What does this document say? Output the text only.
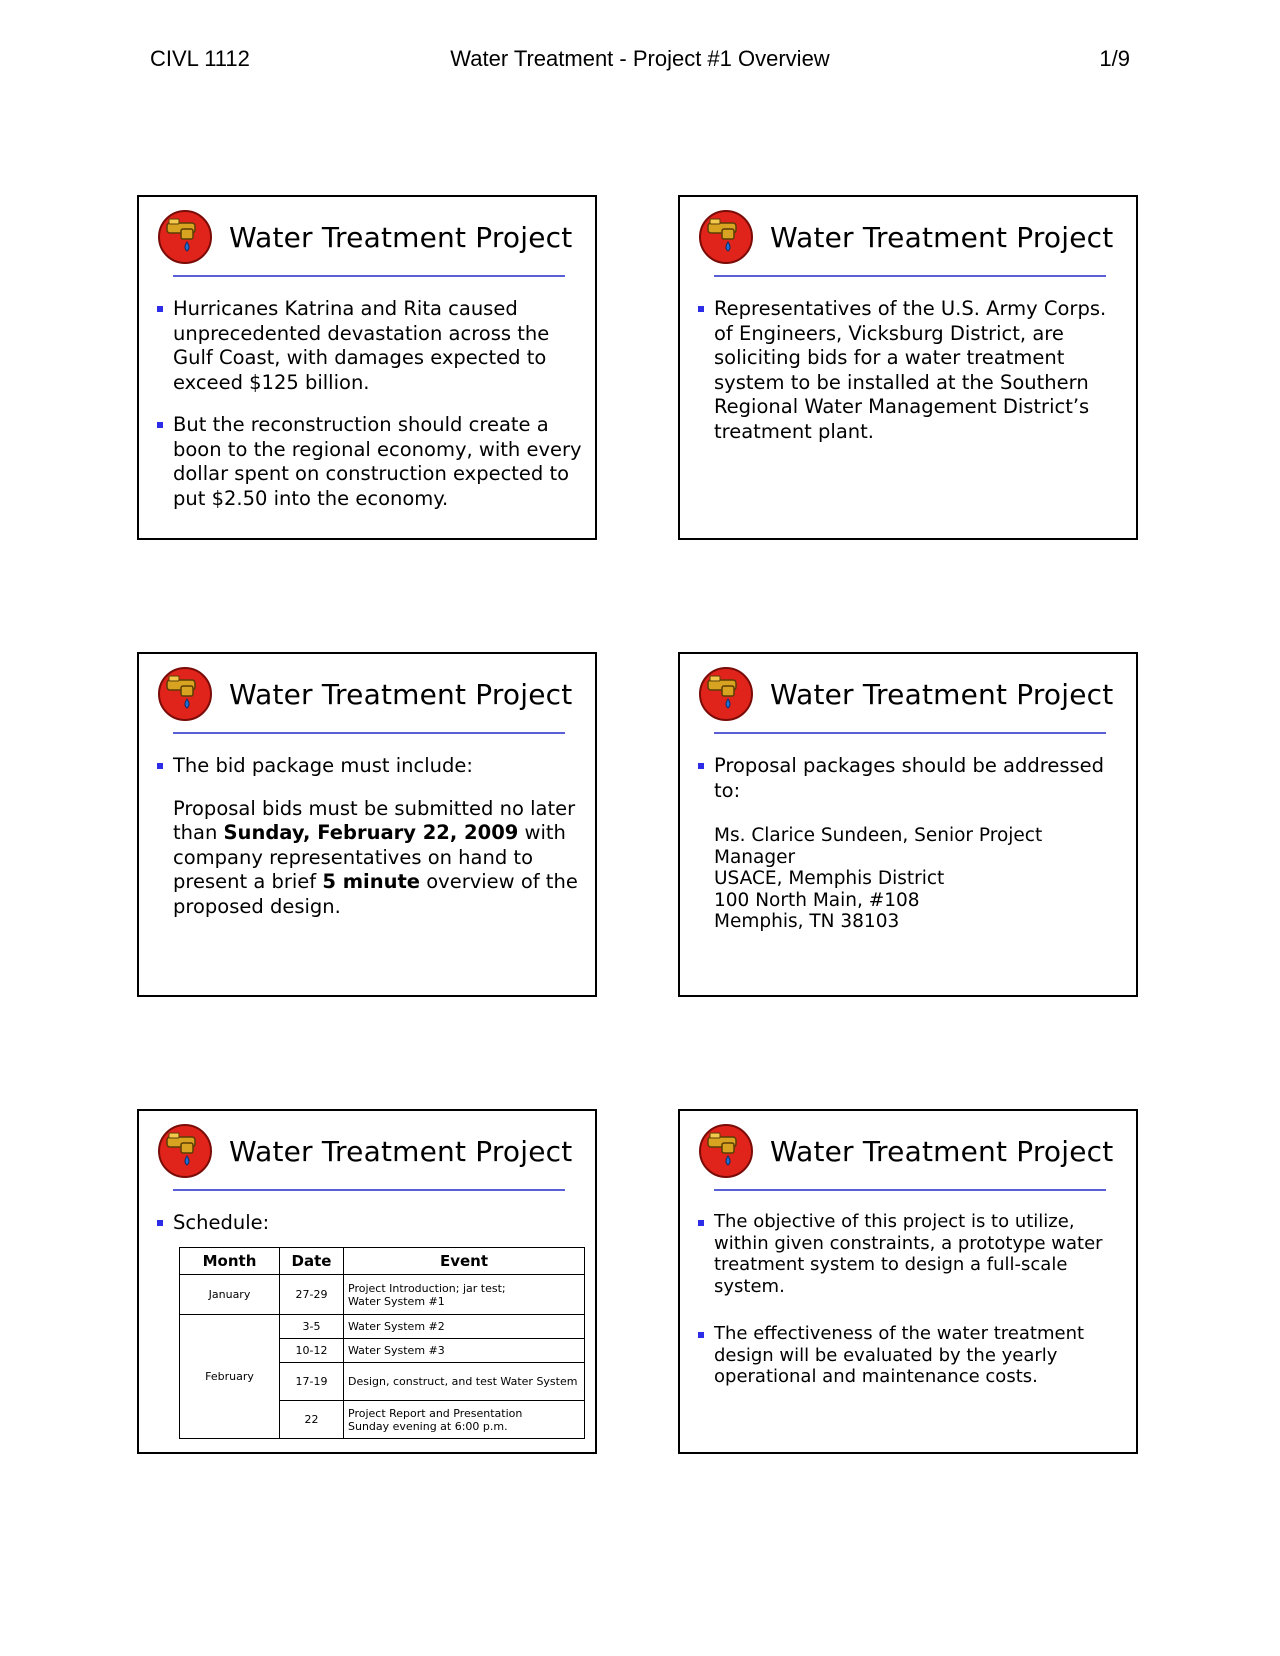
CIVL 1112	Water Treatment - Project #1 Overview	1/9
Water Treatment Project

Hurricanes Katrina and Rita caused unprecedented devastation across the Gulf Coast, with damages expected to exceed $125 billion.

But the reconstruction should create a boon to the regional economy, with every dollar spent on construction expected to put $2.50 into the economy.

Water Treatment Project

Representatives of the U.S. Army Corps. of Engineers, Vicksburg District, are soliciting bids for a water treatment system to be installed at the Southern Regional Water Management District’s treatment plant.

Water Treatment Project

The bid package must include:

Proposal bids must be submitted no later than Sunday, February 22, 2009 with company representatives on hand to present a brief 5 minute overview of the proposed design.

Water Treatment Project

Proposal packages should be addressed to:

Ms. Clarice Sundeen, Senior Project Manager
USACE, Memphis District
100 North Main, #108
Memphis, TN 38103
Water Treatment Project

Schedule:

Month	Date	Event
January	27-29	Project Introduction; jar test;
Water System #1

February	3-5	Water System #2
	10-12	Water System #3
	17-19	Design, construct, and test Water System
	22	Project Report and Presentation
Sunday evening at 6:00 p.m.
Water Treatment Project

The objective of this project is to utilize, within given constraints, a prototype water treatment system to design a full-scale system.

The effectiveness of the water treatment design will be evaluated by the yearly operational and maintenance costs.
